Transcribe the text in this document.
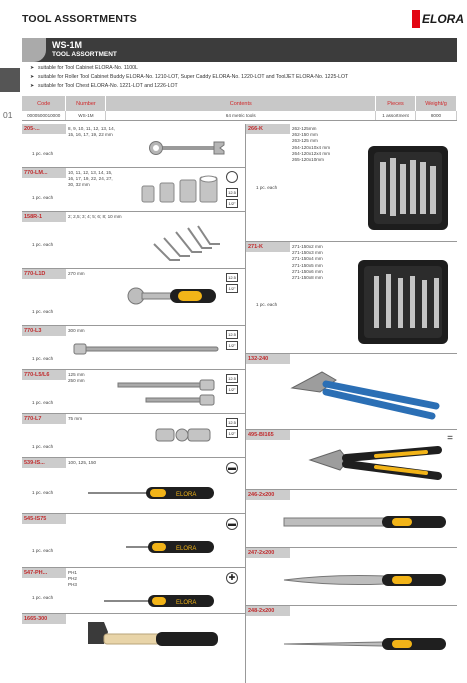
TOOL ASSORTMENTS	ELORA
01
WS-1M
TOOL ASSORTMENT
➤ suitable for Tool Cabinet ELORA-No. 1100L
➤ suitable for Roller Tool Cabinet Buddy ELORA-No. 1210-LOT, Super Caddy ELORA-No. 1220-LOT and ToolJET ELORA-No. 1225-LOT
➤ suitable for Tool Chest ELORA-No. 1221-LOT and 1226-LOT
Code	Number	Contents	Pieces	Weight/g
0000500010000	WS-1M	64 metric tools	1 assortment	8000
205-...	8, 9, 10, 11, 12, 13, 14,
15, 16, 17, 19, 22 mm
1 pc. each
770-LM...	10, 11, 12, 13, 14, 15,
16, 17, 19, 22, 24, 27,
30, 32 mm
1 pc. each
12.5
1/2"
158R-1	2; 2,5; 3; 4; 5; 6; 8; 10 mm
1 pc. each
770-L1D	270 mm
1 pc. each
12.5
1/2"
770-L3	300 mm
1 pc. each
12.5
1/2"
770-L5/L6	125 mm
250 mm
1 pc. each
12.5
1/2"
770-L7	75 mm
1 pc. each
12.5
1/2"
539-IS...	100, 125, 150
1 pc. each
▬
ELORA
545-IS75
1 pc. each
▬
ELORA
547-PH...	PH1
PH2
PH3
1 pc. each
✚
ELORA
1665-300
266-K	262-125mm
262-150 mm
263-125 mm
264-120x10x4 mm
264-120x12x4 mm
265-120x10mm
1 pc. each
271-K	271-150x2 mm
271-150x3 mm
271-150x4 mm
271-150x5 mm
271-150x6 mm
271-150x8 mm
1 pc. each
132-240
495-BI165	=
246-2x200
247-2x200
248-2x200
